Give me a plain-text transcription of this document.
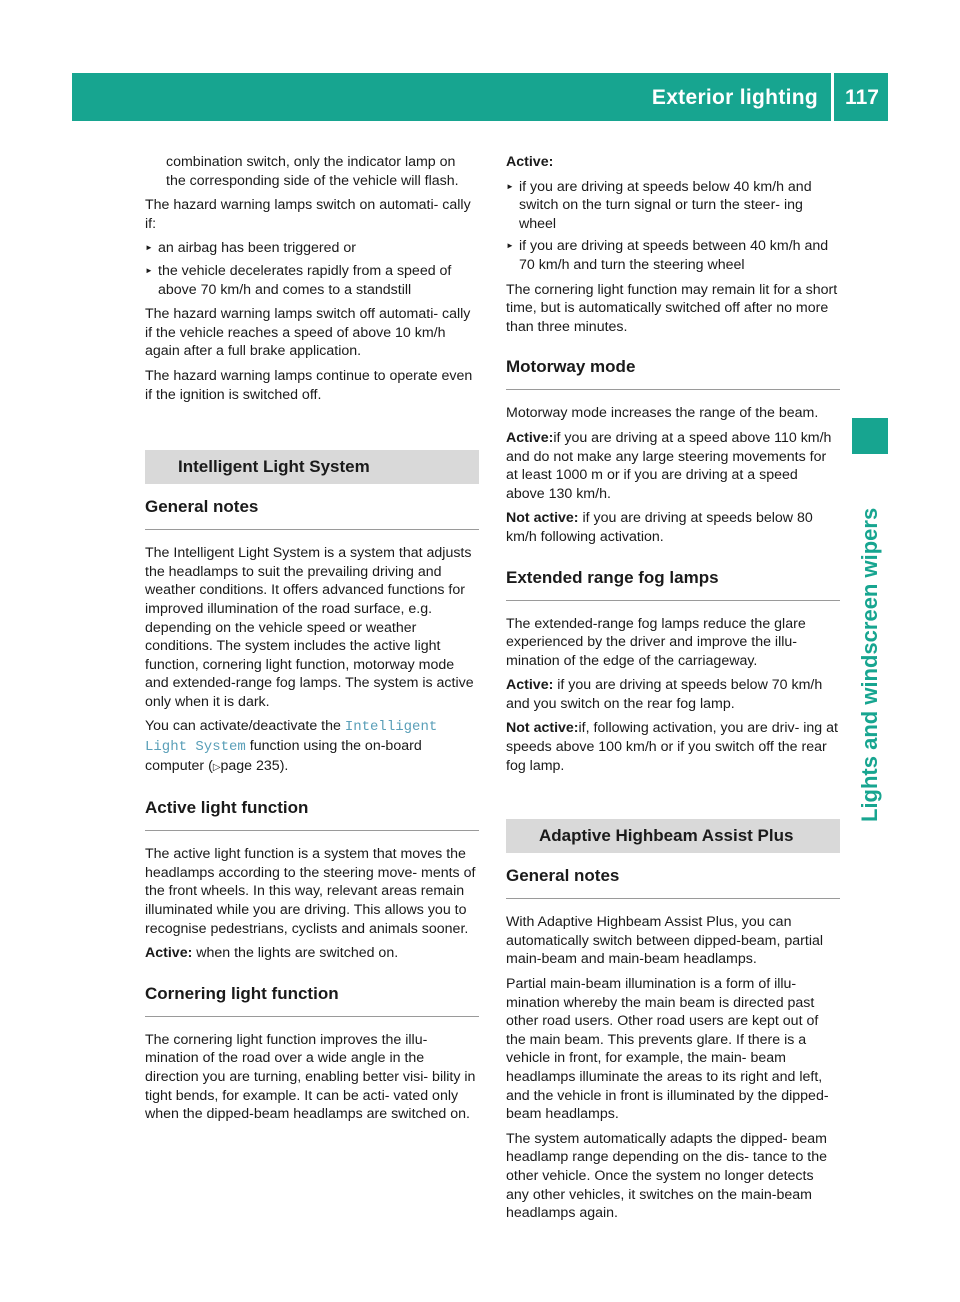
Exterior lighting 117
Lights and windscreen wipers

combination switch, only the indicator lamp on the corresponding side of the vehicle will flash.

The hazard warning lamps switch on automati- cally if:

► an airbag has been triggered or
► the vehicle decelerates rapidly from a speed of above 70 km/h and comes to a standstill

The hazard warning lamps switch off automati- cally if the vehicle reaches a speed of above 10 km/h again after a full brake application.

The hazard warning lamps continue to operate even if the ignition is switched off.

Intelligent Light System
General notes

The Intelligent Light System is a system that adjusts the headlamps to suit the prevailing driving and weather conditions. It offers advanced functions for improved illumination of the road surface, e.g. depending on the vehicle speed or weather conditions. The system includes the active light function, cornering light function, motorway mode and extended-range fog lamps. The system is active only when it is dark.

You can activate/deactivate the Intelligent Light System function using the on-board computer (▷page 235).

Active light function

The active light function is a system that moves the headlamps according to the steering move- ments of the front wheels. In this way, relevant areas remain illuminated while you are driving. This allows you to recognise pedestrians, cyclists and animals sooner.

Active: when the lights are switched on.

Cornering light function

The cornering light function improves the illu- mination of the road over a wide angle in the direction you are turning, enabling better visi- bility in tight bends, for example. It can be acti- vated only when the dipped-beam headlamps are switched on.

Active:

► if you are driving at speeds below 40 km/h and switch on the turn signal or turn the steer- ing wheel
► if you are driving at speeds between 40 km/h and 70 km/h and turn the steering wheel

The cornering light function may remain lit for a short time, but is automatically switched off after no more than three minutes.

Motorway mode

Motorway mode increases the range of the beam.

Active:if you are driving at a speed above 110 km/h and do not make any large steering movements for at least 1000 m or if you are driving at a speed above 130 km/h.

Not active: if you are driving at speeds below 80 km/h following activation.

Extended range fog lamps

The extended-range fog lamps reduce the glare experienced by the driver and improve the illu- mination of the edge of the carriageway.

Active: if you are driving at speeds below 70 km/h and you switch on the rear fog lamp.

Not active:if, following activation, you are driv- ing at speeds above 100 km/h or if you switch off the rear fog lamp.

Adaptive Highbeam Assist Plus
General notes

With Adaptive Highbeam Assist Plus, you can automatically switch between dipped-beam, partial main-beam and main-beam headlamps.

Partial main-beam illumination is a form of illu- mination whereby the main beam is directed past other road users. Other road users are kept out of the main beam. This prevents glare. If there is a vehicle in front, for example, the main- beam headlamps illuminate the areas to its right and left, and the vehicle in front is illuminated by the dipped-beam headlamps.

The system automatically adapts the dipped- beam headlamp range depending on the dis- tance to the other vehicle. Once the system no longer detects any other vehicles, it switches on the main-beam headlamps again.
